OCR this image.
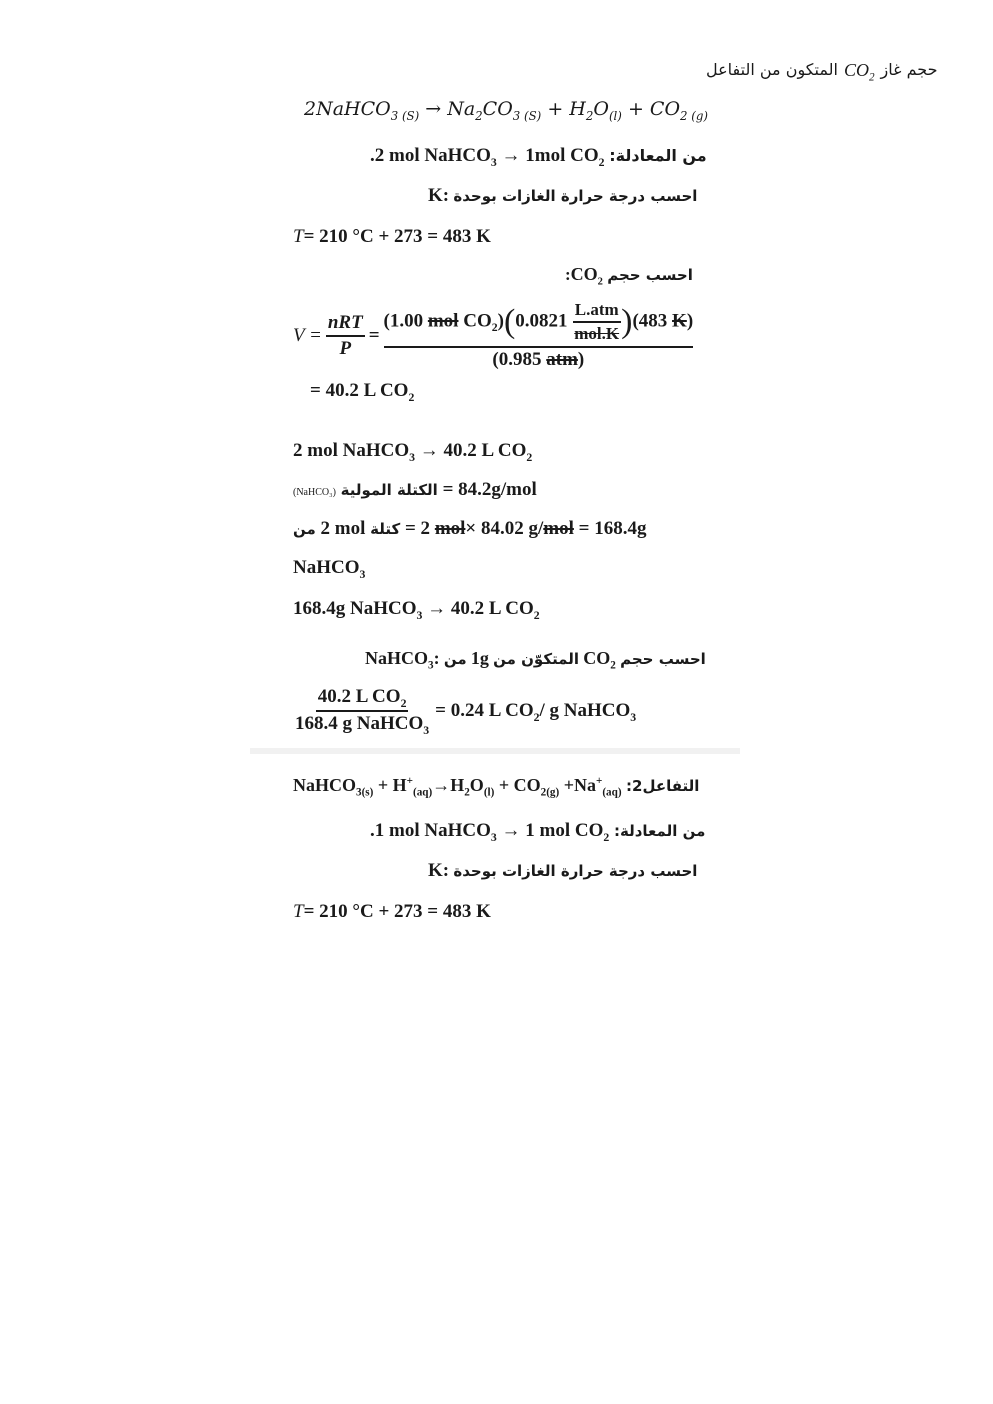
حجم غاز
$CO_2$
المتكون من التفاعل
2NaHCO$_{3 (S)}$ → $Na_2CO_{3 (S)} + H_2O_{(l)} + CO_{2 (g)}$
.2 mol NaHCO$_3$ → 1mol $CO_2$ من المعادلة:
K: احسب درجة حرارة الغازات بوحدة
T= 210 °C + 273 = 483 K
$:CO_2$ احسب حجم
$V = \frac{\text{nRT}}{P}$ =
(1.00 mol $CO_2)(0.0821 \frac{\text{L.atm}}{\text{mol.K}} )(483$ K)
(0.985 atm)
= 40.2 L $CO_2$
2 mol NaHCO$_3$ → 40.2 L $CO_2$
(NaHCO₃) الكتلة المولية = 84.2g/mol
من 2 mol كتلة = 2 mol× 84.02 g/mol = 168.4g
NaHCO$_3$
168.4g NaHCO$_3$ → 40.2 L $CO_2$
احسب حجم $CO_2$ المتكوّن من 1g من NaHCO$_3$:
$\frac{40.2 L CO_2}{168.4 g NaHCO_3} = 0.24$ L $CO_2/$ g NaHCO$_3$
NaHCO$_{3(s)}$ + $H^+_{(aq)}\to H_2O_{(l)} + CO_{2(g)} +Na^+_{(aq)}$ التفاعل2:
.1 mol NaHCO$_3$ → 1 mol $CO_2$ من المعادلة:
K: احسب درجة حرارة الغازات بوحدة
T= 210 °C + 273 = 483 K
